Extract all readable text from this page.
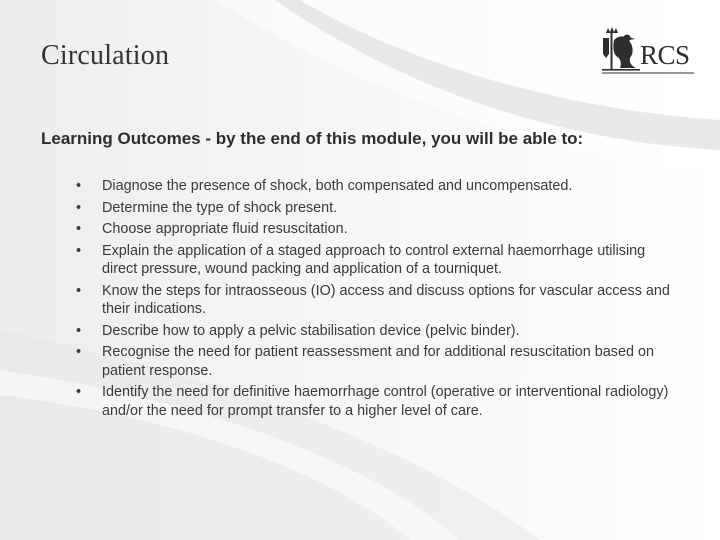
Circulation	RCS
Learning Outcomes - by the end of this module, you will be able to:
•	Diagnose the presence of shock, both compensated and uncompensated.
•	Determine the type of shock present.
•	Choose appropriate fluid resuscitation.
•	Explain the application of a staged approach to control external haemorrhage utilising direct pressure, wound packing and application of a tourniquet.
•	Know the steps for intraosseous (IO) access and discuss options for vascular access and their indications.
•	Describe how to apply a pelvic stabilisation device (pelvic binder).
•	Recognise the need for patient reassessment and for additional resuscitation based on patient response.
•	Identify the need for definitive haemorrhage control (operative or interventional radiology) and/or the need for prompt transfer to a higher level of care.
